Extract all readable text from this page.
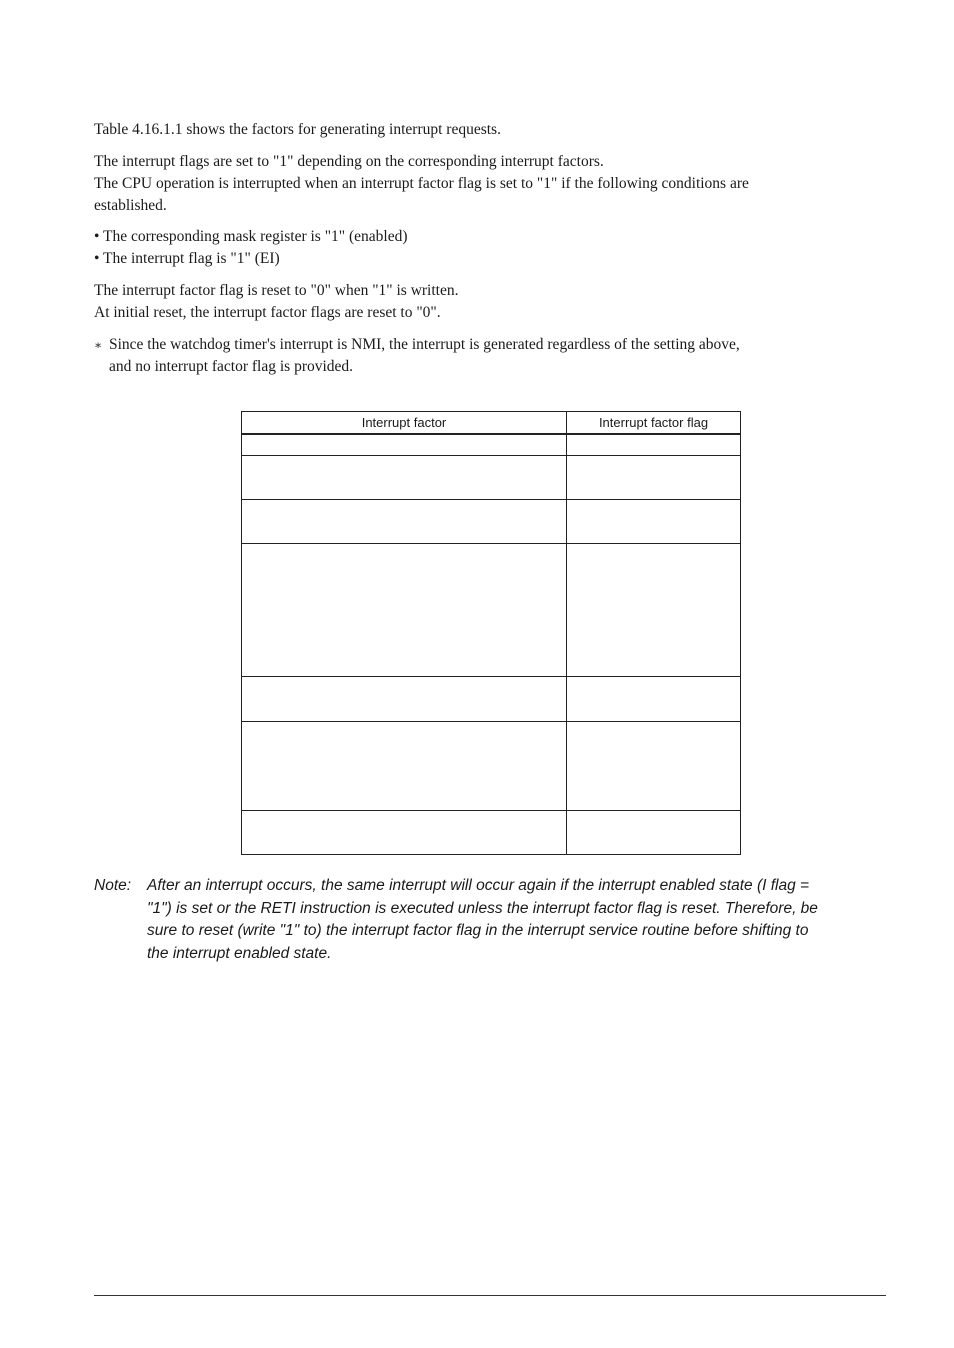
Table 4.16.1.1 shows the factors for generating interrupt requests.

The interrupt flags are set to "1" depending on the corresponding interrupt factors.

The CPU operation is interrupted when an interrupt factor flag is set to "1" if the following conditions are

established.

• The corresponding mask register is "1" (enabled)

• The interrupt flag is "1" (EI)

The interrupt factor flag is reset to "0" when "1" is written.

At initial reset, the interrupt factor flags are reset to "0".

∗ Since the watchdog timer's interrupt is NMI, the interrupt is generated regardless of the setting above,
and no interrupt factor flag is provided.
Interrupt factor	Interrupt factor flag

Note: After an interrupt occurs, the same interrupt will occur again if the interrupt enabled state (I flag =
"1") is set or the RETI instruction is executed unless the interrupt factor flag is reset. Therefore, be
sure to reset (write "1" to) the interrupt factor flag in the interrupt service routine before shifting to
the interrupt enabled state.
